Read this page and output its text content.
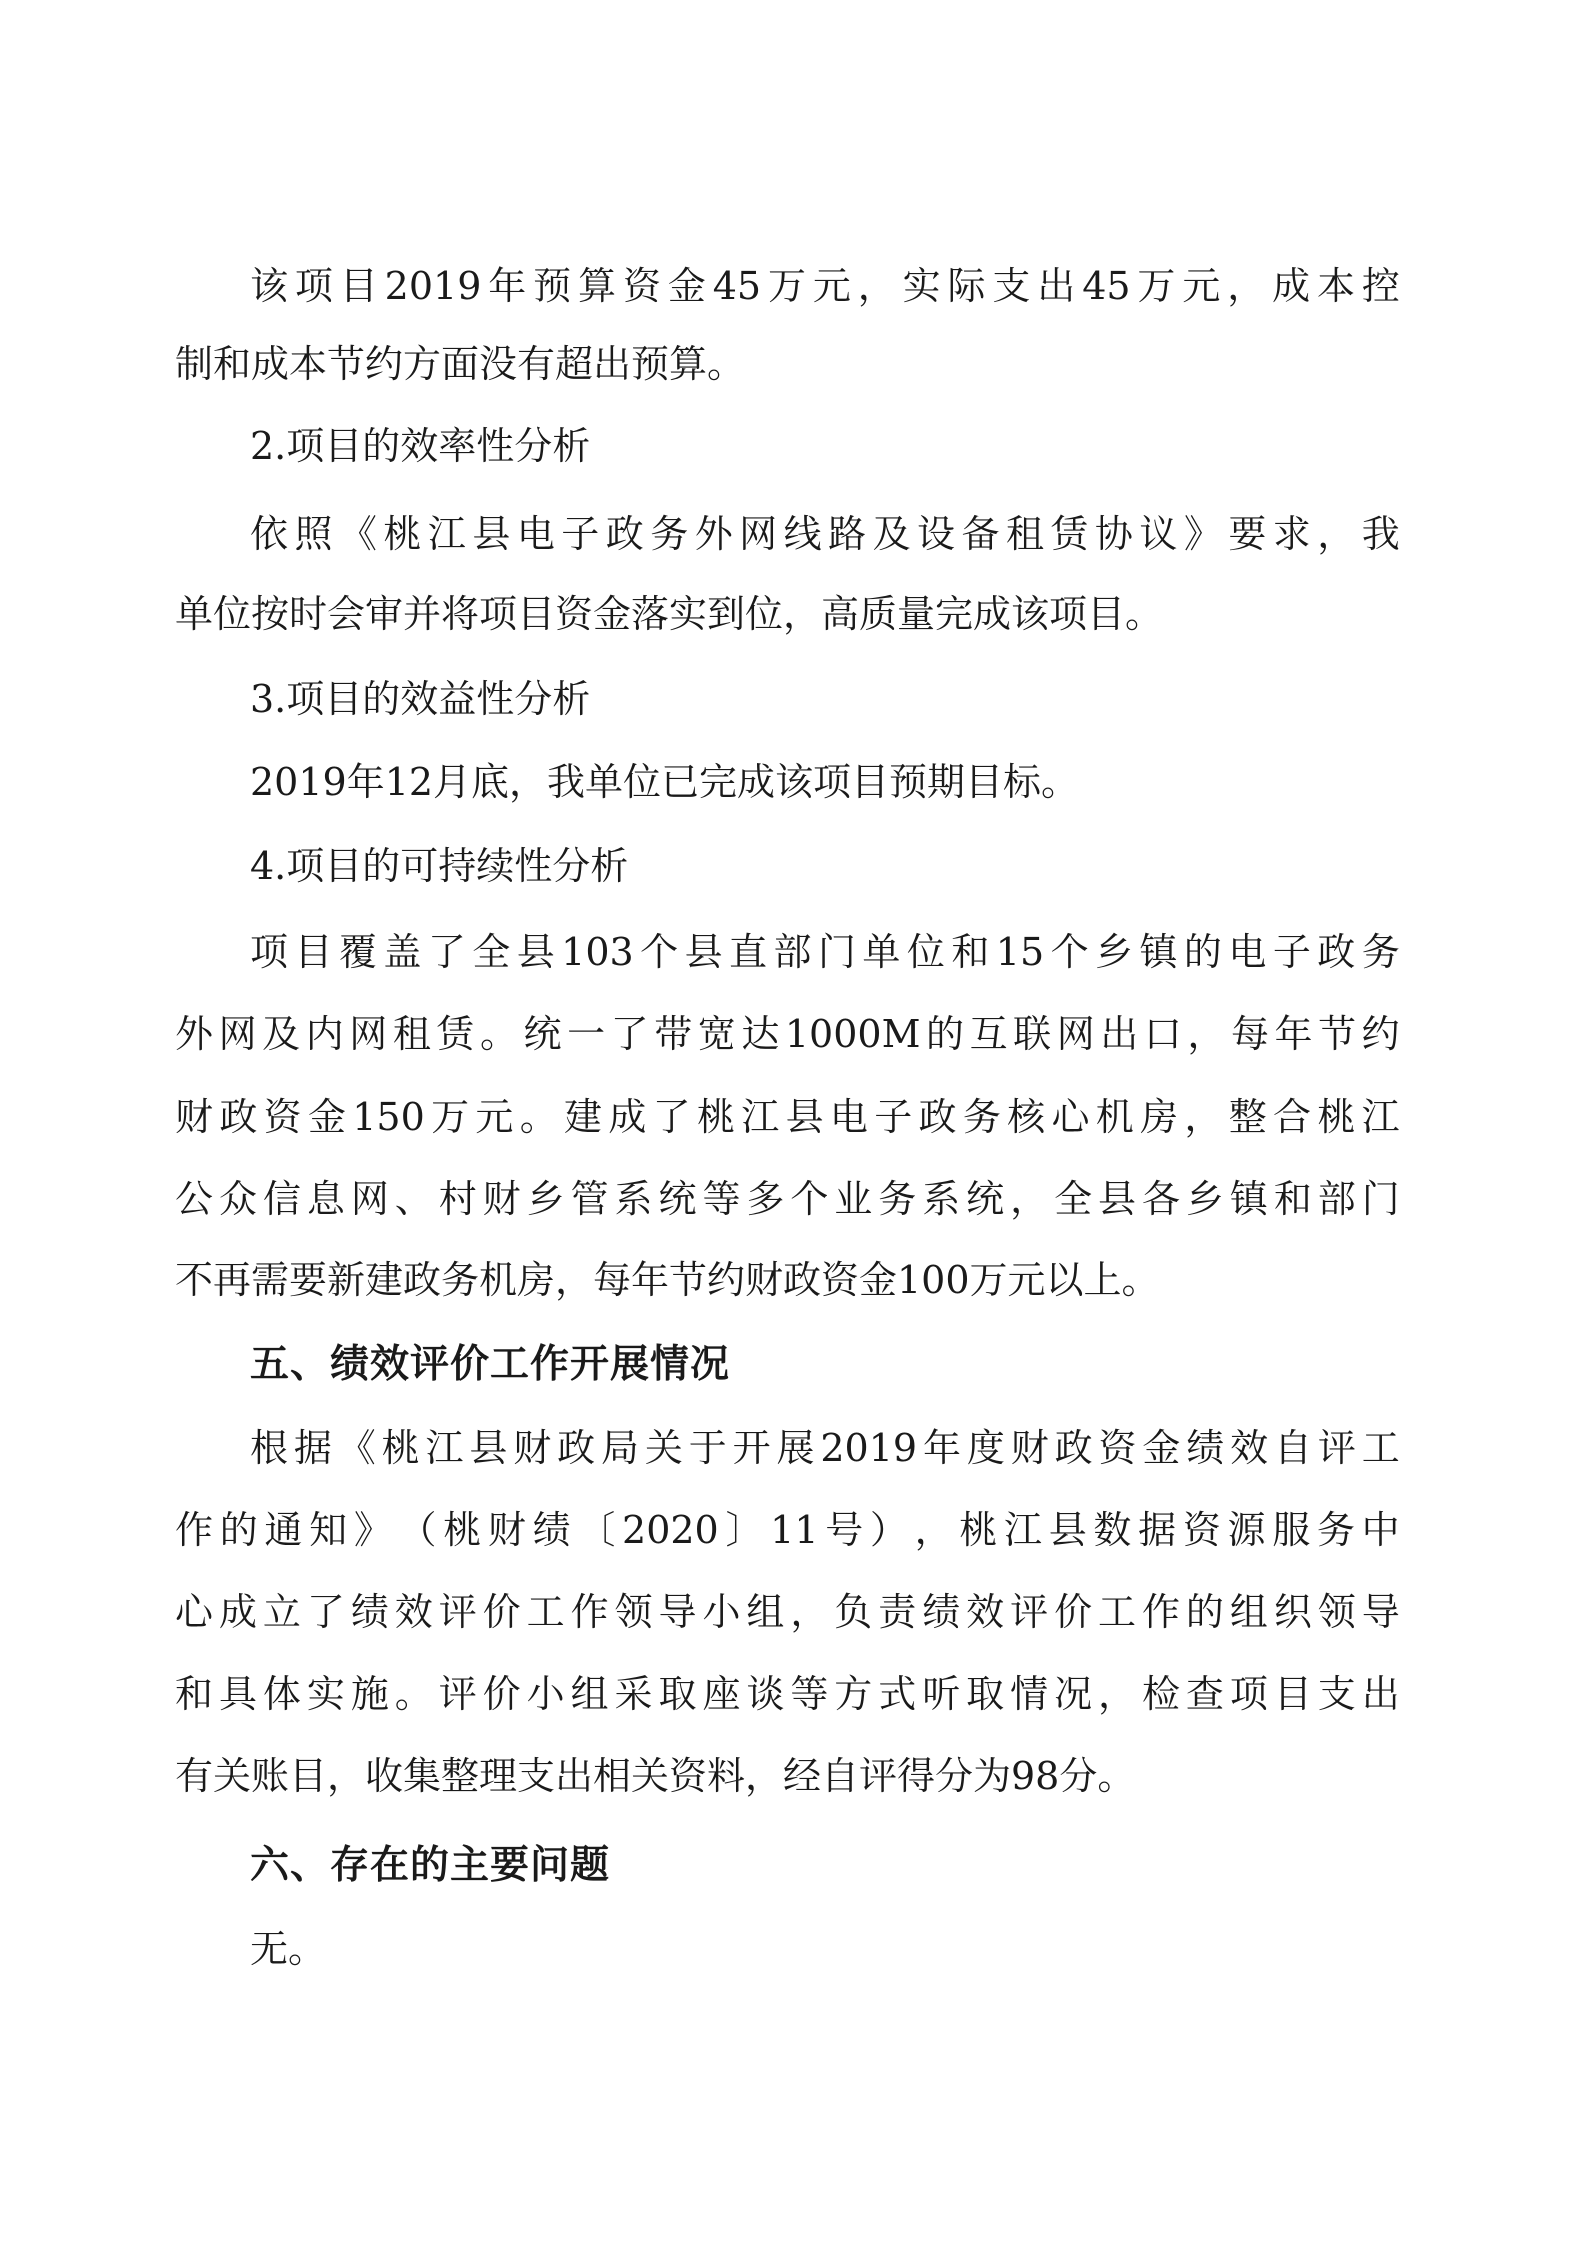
该 项 目 2019 年 预 算 资 金 45 万 元 ， 实 际 支 出 45 万 元 ， 成 本 控
制和成本节约方面没有超出预算。
2.项目的效率性分析
依 照 《 桃 江 县 电 子 政 务 外 网 线 路 及 设 备 租 赁 协 议 》 要 求 ， 我
单位按时会审并将项目资金落实到位，高质量完成该项目。
3.项目的效益性分析
2019年12月底，我单位已完成该项目预期目标。
4.项目的可持续性分析
项 目 覆 盖 了 全 县 103 个 县 直 部 门 单 位 和 15 个 乡 镇 的 电 子 政 务
外 网 及 内 网 租 赁 。 统 一 了 带 宽 达 1000M 的 互 联 网 出 口 ， 每 年 节 约
财 政 资 金 150 万 元 。 建 成 了 桃 江 县 电 子 政 务 核 心 机 房 ， 整 合 桃 江
公 众 信 息 网 、 村 财 乡 管 系 统 等 多 个 业 务 系 统 ， 全 县 各 乡 镇 和 部 门
不再需要新建政务机房，每年节约财政资金100万元以上。
五、绩效评价工作开展情况
根 据 《 桃 江 县 财 政 局 关 于 开 展 2019 年 度 财 政 资 金 绩 效 自 评 工
作 的 通 知 》 （ 桃 财 绩 〔 2020 〕 11 号 ） ， 桃 江 县 数 据 资 源 服 务 中
心 成 立 了 绩 效 评 价 工 作 领 导 小 组 ， 负 责 绩 效 评 价 工 作 的 组 织 领 导
和 具 体 实 施 。 评 价 小 组 采 取 座 谈 等 方 式 听 取 情 况 ， 检 查 项 目 支 出
有关账目，收集整理支出相关资料，经自评得分为98分。
六、存在的主要问题
无。
